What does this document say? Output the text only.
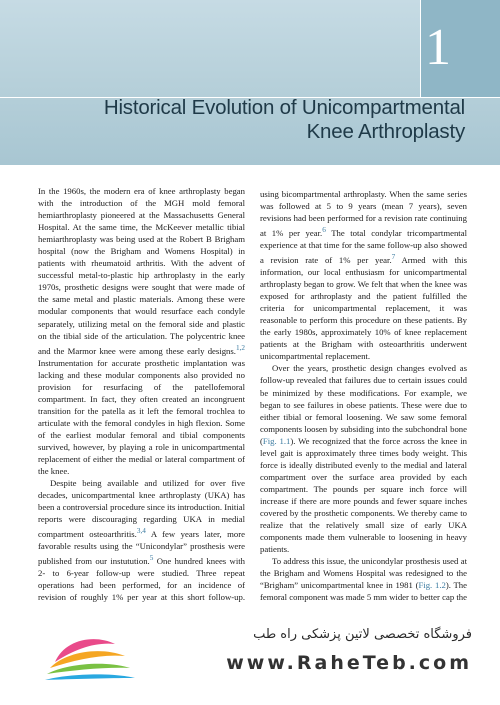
1
Historical Evolution of Unicompartmental
Knee Arthroplasty

In the 1960s, the modern era of knee arthroplasty began with the introduction of the MGH mold femoral hemiarthroplasty pioneered at the Massachusetts General Hospital. At the same time, the McKeever metallic tibial hemiarthroplasty was being used at the Robert B Brigham hospital (now the Brigham and Womens Hospital) in patients with rheumatoid arthritis. With the advent of successful metal-to-plastic hip arthroplasty in the early 1970s, prosthetic designs were sought that were made of the same metal and plastic materials. Among these were modular components that would resurface each condyle separately, utilizing metal on the femoral side and plastic on the tibial side of the articulation. The polycentric knee and the Marmor knee were among these early designs.$^{1,2}$ Instrumentation for accurate prosthetic implantation was lacking and these modular components also provided no provision for resurfacing of the patellofemoral compartment. In fact, they often created an incongruent transition for the patella as it left the femoral trochlea to articulate with the femoral condyles in high flexion. Some of the earliest modular femoral and tibial components survived, however, by playing a role in unicompartmental replacement of either the medial or lateral compartment of the knee.

Despite being available and utilized for over five decades, unicompartmental knee arthroplasty (UKA) has been a controversial procedure since its introduction. Initial reports were discouraging regarding UKA in medial compartment osteoarthritis.$^{3,4}$ A few years later, more favorable results using the “Unicondylar” prosthesis were published from our instutution.$^5$ One hundred knees with 2- to 6-year follow-up were studied. Three repeat operations had been performed, for an incidence of revision of roughly 1% per year at this short follow-up.

using bicompartmental arthroplasty. When the same series was followed at 5 to 9 years (mean 7 years), seven revisions had been performed for a revision rate continuing at 1% per year.$^6$ The total condylar tricompartmental experience at that time for the same follow-up also showed a revision rate of 1% per year.$^7$ Armed with this information, our local enthusiasm for unicompartmental arthroplasty began to grow. We felt that when the knee was exposed for arthroplasty and the patient fulfilled the criteria for unicompartmental replacement, it was reasonable to perform this procedure on these patients. By the early 1980s, approximately 10% of knee replacement patients at the Brigham with osteoarthritis underwent unicompartmental replacement.

Over the years, prosthetic design changes evolved as follow-up revealed that failures due to certain issues could be minimized by these modifications. For example, we began to see failures in obese patients. These were due to either tibial or femoral loosening. We saw some femoral components loosen by subsiding into the subchondral bone (Fig. 1.1). We recognized that the force across the knee in level gait is approximately three times body weight. This force is ideally distributed evenly to the medial and lateral compartment over the surface area provided by each compartment. The pounds per square inch force will increase if there are more pounds and fewer square inches covered by the prosthetic components. We thereby came to realize that the relatively small size of early UKA components made them vulnerable to loosening in heavy patients.

To address this issue, the unicondylar prosthesis used at the Brigham and Womens Hospital was redesigned to the “Brigham” unicompartmental knee in 1981 (Fig. 1.2). The femoral component was made 5 mm wider to better cap the

فروشگاه تخصصی لاتین پزشکی راه طب
www.RaheTeb.com
